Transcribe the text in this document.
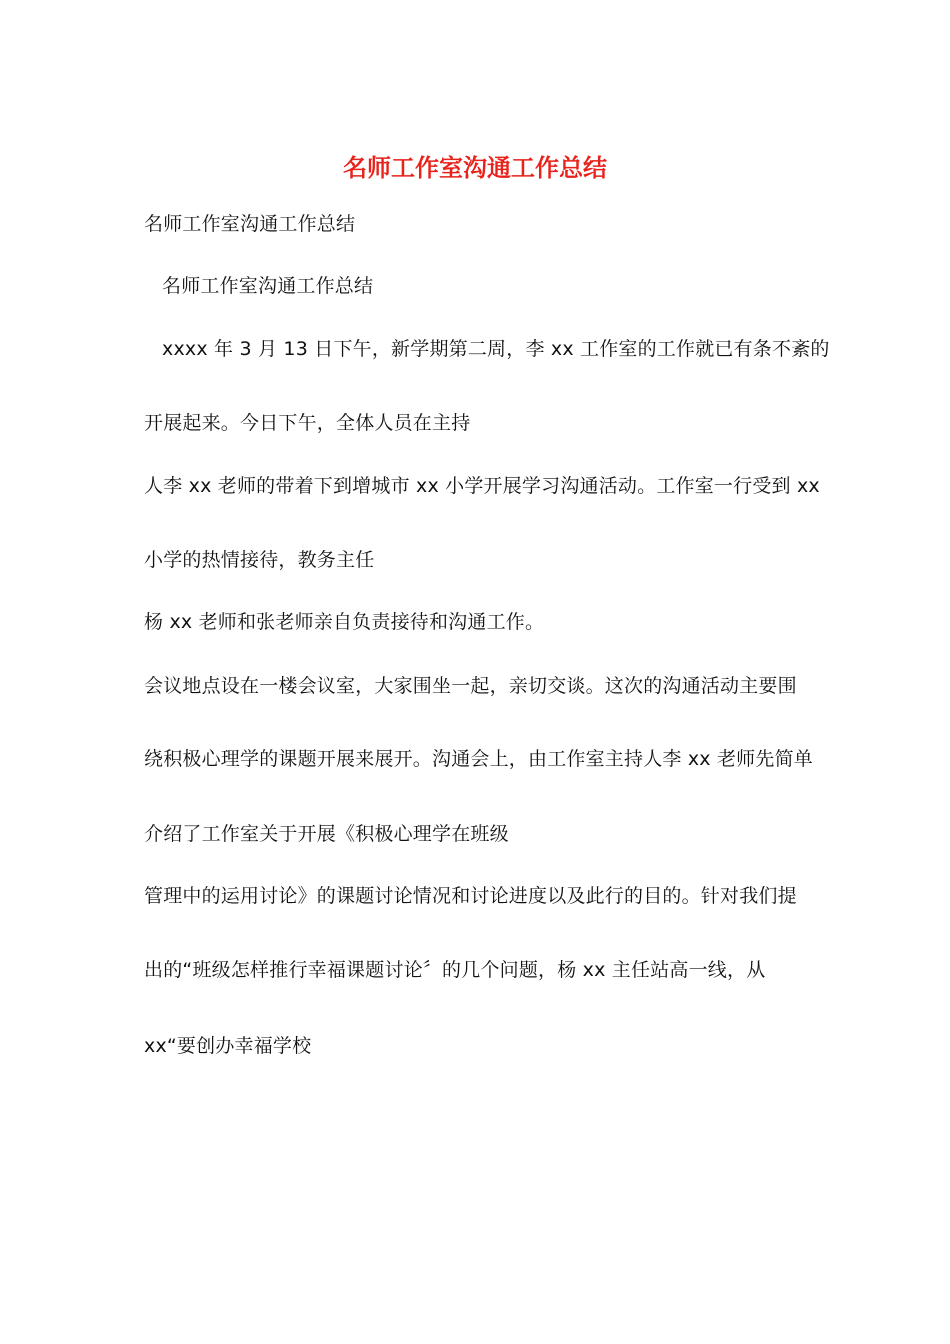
名师工作室沟通工作总结
名师工作室沟通工作总结
名师工作室沟通工作总结
xxxx 年 3 月 13 日下午，新学期第二周，李 xx 工作室的工作就已有条不紊的
开展起来。今日下午，全体人员在主持
人李 xx 老师的带着下到增城市 xx 小学开展学习沟通活动。工作室一行受到 xx
小学的热情接待，教务主任
杨 xx 老师和张老师亲自负责接待和沟通工作。
会议地点设在一楼会议室，大家围坐一起，亲切交谈。这次的沟通活动主要围
绕积极心理学的课题开展来展开。沟通会上，由工作室主持人李 xx 老师先简单
介绍了工作室关于开展《积极心理学在班级
管理中的运用讨论》的课题讨论情况和讨论进度以及此行的目的。针对我们提
出的“班级怎样推行幸福课题讨论〞的几个问题，杨 xx 主任站高一线，从
xx“要创办幸福学校
